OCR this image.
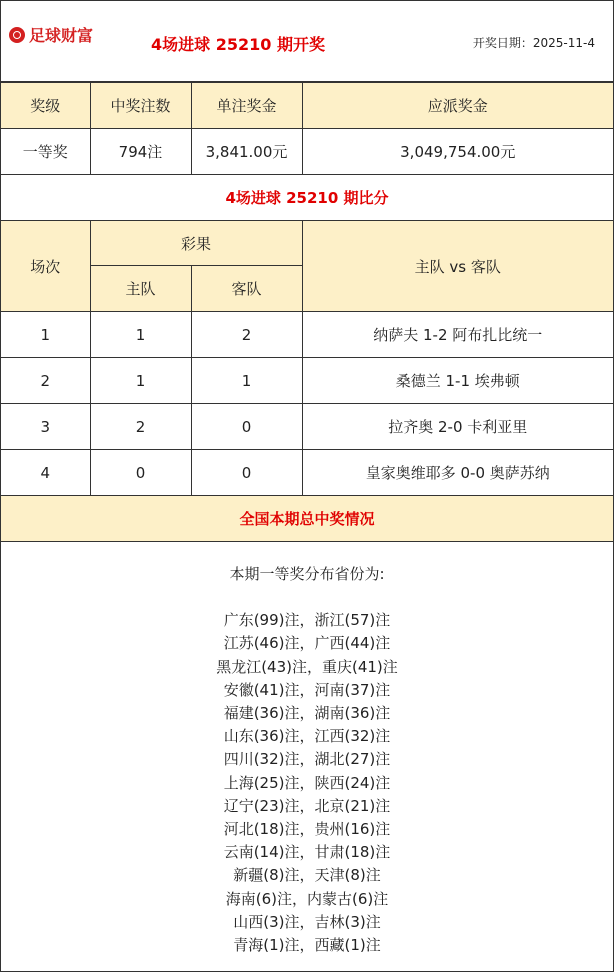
足球财富	4场进球 25210 期开奖	开奖日期：2025-11-4
奖级	中奖注数	单注奖金	应派奖金
一等奖	794注	3,841.00元	3,049,754.00元
4场进球 25210 期比分			
场次	彩果		主队 vs 客队
	主队	客队	
1	1	2	纳萨夫 1-2 阿布扎比统一
2	1	1	桑德兰 1-1 埃弗顿
3	2	0	拉齐奥 2-0 卡利亚里
4	0	0	皇家奥维耶多 0-0 奥萨苏纳
全国本期总中奖情况			
本期一等奖分布省份为:
广东(99)注，浙江(57)注
江苏(46)注，广西(44)注
黑龙江(43)注，重庆(41)注
安徽(41)注，河南(37)注
福建(36)注，湖南(36)注
山东(36)注，江西(32)注
四川(32)注，湖北(27)注
上海(25)注，陕西(24)注
辽宁(23)注，北京(21)注
河北(18)注，贵州(16)注
云南(14)注，甘肃(18)注
新疆(8)注，天津(8)注
海南(6)注，内蒙古(6)注
山西(3)注，吉林(3)注
青海(1)注，西藏(1)注
